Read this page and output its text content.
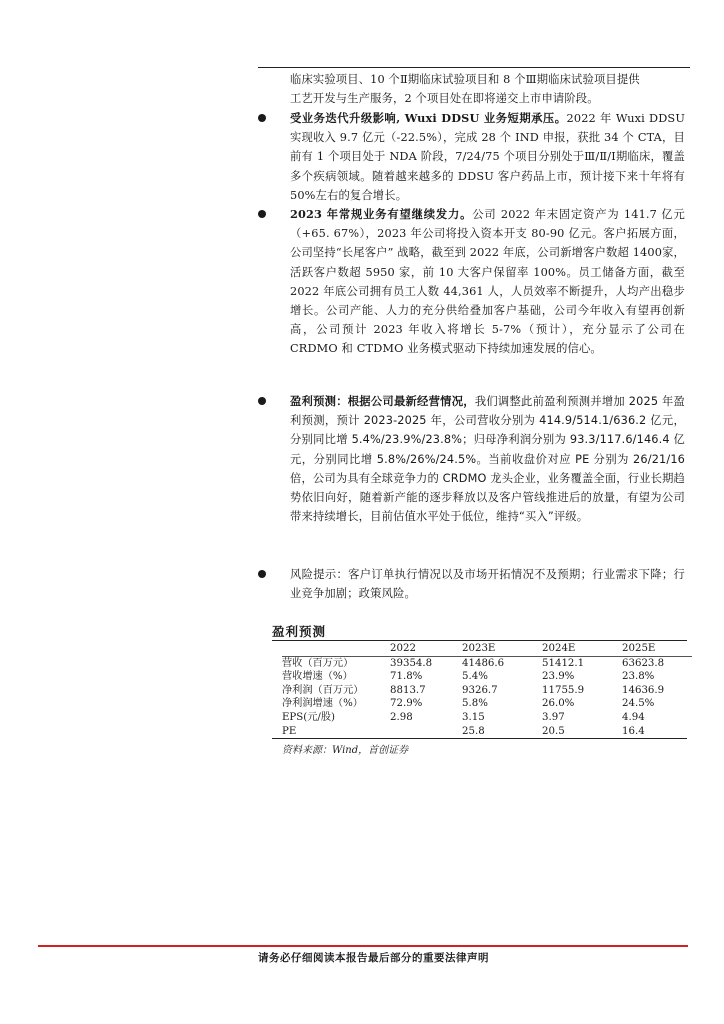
临床实验项目、10 个Ⅱ期临床试验项目和 8 个Ⅲ期临床试验项目提供

工艺开发与生产服务，2 个项目处在即将递交上市申请阶段。

受业务迭代升级影响, Wuxi DDSU 业务短期承压。2022 年 Wuxi DDSU 实现收入 9.7 亿元（-22.5%），完成 28 个 IND 申报，获批 34 个 CTA，目前有 1 个项目处于 NDA 阶段，7/24/75 个项目分别处于Ⅲ/Ⅱ/Ⅰ期临床，覆盖多个疾病领域。随着越来越多的 DDSU 客户药品上市，预计接下来十年将有 50%左右的复合增长。

2023 年常规业务有望继续发力。公司 2022 年末固定资产为 141.7 亿元（+65. 67%），2023 年公司将投入资本开支 80-90 亿元。客户拓展方面，公司坚持“长尾客户” 战略，截至到 2022 年底，公司新增客户数超 1400家，活跃客户数超 5950 家，前 10 大客户保留率 100%。员工储备方面，截至 2022 年底公司拥有员工人数 44,361 人，人员效率不断提升，人均产出稳步增长。公司产能、人力的充分供给叠加客户基础，公司今年收入有望再创新高，公司预计 2023 年收入将增长 5-7%（预计），充分显示了公司在 CRDMO 和 CTDMO 业务模式驱动下持续加速发展的信心。

盈利预测：根据公司最新经营情况，我们调整此前盈利预测并增加 2025 年盈利预测，预计 2023-2025 年，公司营收分别为 414.9/514.1/636.2 亿元，分别同比增 5.4%/23.9%/23.8%；归母净利润分别为 93.3/117.6/146.4 亿元，分别同比增 5.8%/26%/24.5%。当前收盘价对应 PE 分别为 26/21/16 倍，公司为具有全球竞争力的 CRDMO 龙头企业，业务覆盖全面，行业长期趋势依旧向好，随着新产能的逐步释放以及客户管线推进后的放量，有望为公司带来持续增长，目前估值水平处于低位，维持“买入”评级。

风险提示：客户订单执行情况以及市场开拓情况不及预期；行业需求下降；行业竞争加剧；政策风险。

盈利预测
	2022	2023E	2024E	2025E
营收（百万元）	39354.8	41486.6	51412.1	63623.8
营收增速（%）	71.8%	5.4%	23.9%	23.8%
净利润（百万元）	8813.7	9326.7	11755.9	14636.9
净利润增速（%）	72.9%	5.8%	26.0%	24.5%
EPS(元/股)	2.98	3.15	3.97	4.94
PE		25.8	20.5	16.4
资料来源：Wind，首创证券
请务必仔细阅读本报告最后部分的重要法律声明
